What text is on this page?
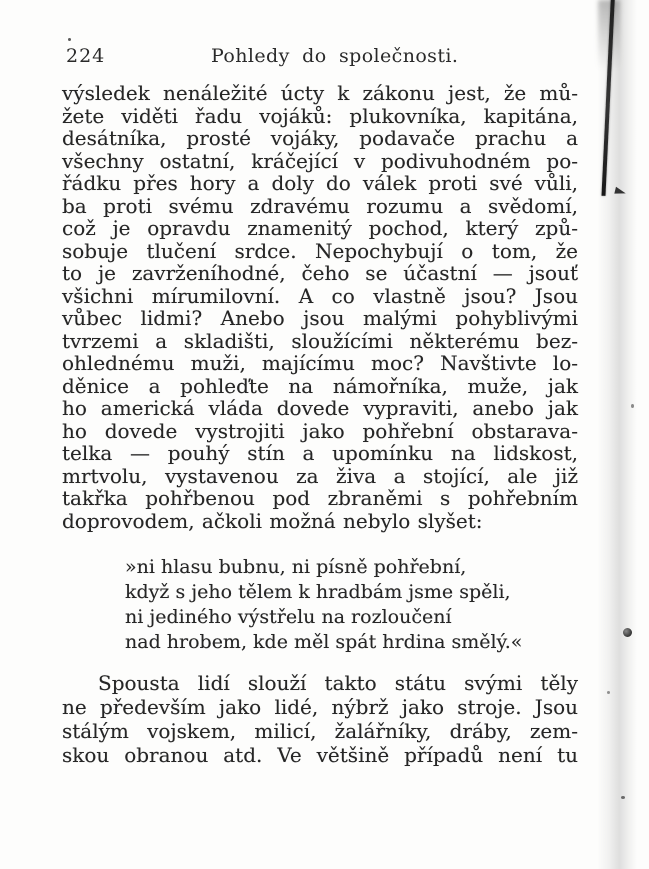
224	Pohledy do společnosti.
výsledek nenáležité úcty k zákonu jest, že mů-
žete viděti řadu vojáků: plukovníka, kapitána,
desátníka, prosté vojáky, podavače prachu a
všechny ostatní, kráčející v podivuhodném po-
řádku přes hory a doly do válek proti své vůli,
ba proti svému zdravému rozumu a svědomí,
což je opravdu znamenitý pochod, který způ-
sobuje tlučení srdce. Nepochybují o tom, že
to je zavrženíhodné, čeho se účastní — jsouť
všichni mírumilovní. A co vlastně jsou? Jsou
vůbec lidmi? Anebo jsou malými pohyblivými
tvrzemi a skladišti, sloužícími některému bez-
ohlednému muži, majícímu moc? Navštivte lo-
děnice a pohleďte na námořníka, muže, jak
ho americká vláda dovede vypraviti, anebo jak
ho dovede vystrojiti jako pohřební obstarava-
telka — pouhý stín a upomínku na lidskost,
mrtvolu, vystavenou za živa a stojící, ale již
takřka pohřbenou pod zbraněmi s pohřebním
doprovodem, ačkoli možná nebylo slyšet:
»ni hlasu bubnu, ni písně pohřební,
když s jeho tělem k hradbám jsme spěli,
ni jediného výstřelu na rozloučení
nad hrobem, kde měl spát hrdina smělý.«
Spousta lidí slouží takto státu svými těly
ne především jako lidé, nýbrž jako stroje. Jsou
stálým vojskem, milicí, žalářníky, dráby, zem-
skou obranou atd. Ve většině případů není tu
